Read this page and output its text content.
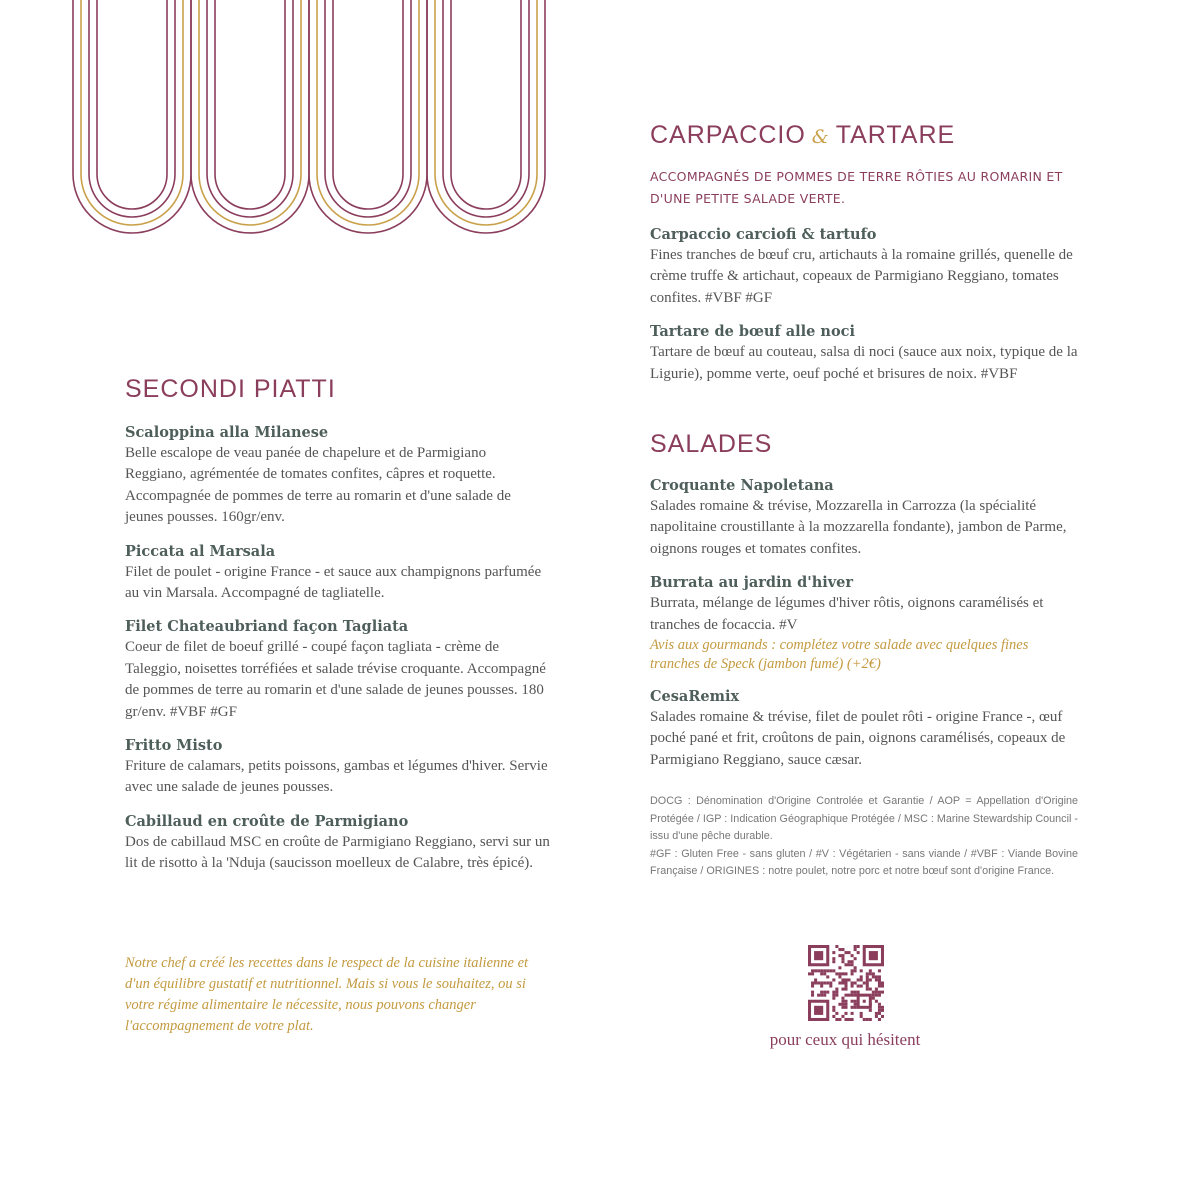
SECONDI PIATTI
Scaloppina alla Milanese
Belle escalope de veau panée de chapelure et de Parmigiano Reggiano, agrémentée de tomates confites, câpres et roquette. Accompagnée de pommes de terre au romarin et d'une salade de jeunes pousses. 160gr/env.
Piccata al Marsala
Filet de poulet - origine France - et sauce aux champignons parfumée au vin Marsala. Accompagné de tagliatelle.
Filet Chateaubriand façon Tagliata
Coeur de filet de boeuf grillé - coupé façon tagliata - crème de Taleggio, noisettes torréfiées et salade trévise croquante. Accompagné de pommes de terre au romarin et d'une salade de jeunes pousses. 180 gr/env. #VBF #GF
Fritto Misto
Friture de calamars, petits poissons, gambas et légumes d'hiver. Servie avec une salade de jeunes pousses.
Cabillaud en croûte de Parmigiano
Dos de cabillaud MSC en croûte de Parmigiano Reggiano, servi sur un lit de risotto à la 'Nduja (saucisson moelleux de Calabre, très épicé).
Notre chef a créé les recettes dans le respect de la cuisine italienne et d'un équilibre gustatif et nutritionnel. Mais si vous le souhaitez, ou si votre régime alimentaire le nécessite, nous pouvons changer l'accompagnement de votre plat.
CARPACCIO & TARTARE
ACCOMPAGNÉS DE POMMES DE TERRE RÔTIES AU ROMARIN ET D'UNE PETITE SALADE VERTE.
Carpaccio carciofi & tartufo
Fines tranches de bœuf cru, artichauts à la romaine grillés, quenelle de crème truffe & artichaut, copeaux de Parmigiano Reggiano, tomates confites. #VBF #GF
Tartare de bœuf alle noci
Tartare de bœuf au couteau, salsa di noci (sauce aux noix, typique de la Ligurie), pomme verte, oeuf poché et brisures de noix. #VBF
SALADES
Croquante Napoletana
Salades romaine & trévise, Mozzarella in Carrozza (la spécialité napolitaine croustillante à la mozzarella fondante), jambon de Parme, oignons rouges et tomates confites.
Burrata au jardin d'hiver
Burrata, mélange de légumes d'hiver rôtis, oignons caramélisés et tranches de focaccia. #V
Avis aux gourmands : complétez votre salade avec quelques fines tranches de Speck (jambon fumé) (+2€)
CesaRemix
Salades romaine & trévise, filet de poulet rôti - origine France -, œuf poché pané et frit, croûtons de pain, oignons caramélisés, copeaux de Parmigiano Reggiano, sauce cæsar.
DOCG : Dénomination d'Origine Controlée et Garantie / AOP = Appellation d'Origine Protégée / IGP : Indication Géographique Protégée / MSC : Marine Stewardship Council - issu d'une pêche durable.
#GF : Gluten Free - sans gluten / #V : Végétarien - sans viande / #VBF : Viande Bovine Française / ORIGINES : notre poulet, notre porc et notre bœuf sont d'origine France.
pour ceux qui hésitent
